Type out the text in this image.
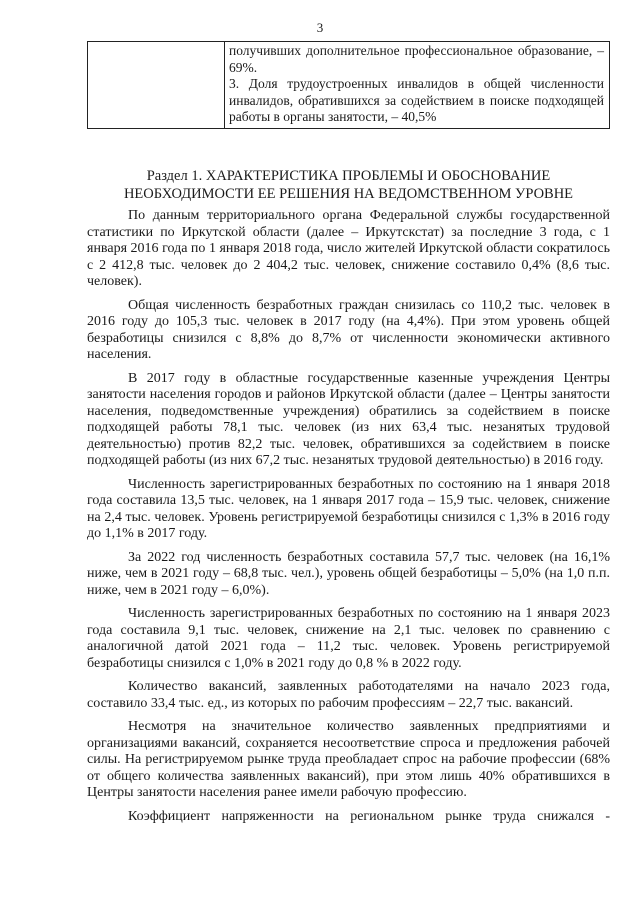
3

получивших дополнительное профессиональное образование, – 69%.

3. Доля трудоустроенных инвалидов в общей численности инвалидов, обратившихся за содействием в поиске подходящей работы в органы занятости, – 40,5%

Раздел 1. ХАРАКТЕРИСТИКА ПРОБЛЕМЫ И ОБОСНОВАНИЕ
НЕОБХОДИМОСТИ ЕЕ РЕШЕНИЯ НА ВЕДОМСТВЕННОМ УРОВНЕ

По данным территориального органа Федеральной службы государственной статистики по Иркутской области (далее – Иркутскстат) за последние 3 года, с 1 января 2016 года по 1 января 2018 года, число жителей Иркутской области сократилось с 2 412,8 тыс. человек до 2 404,2 тыс. человек, снижение составило 0,4% (8,6 тыс. человек).

Общая численность безработных граждан снизилась со 110,2 тыс. человек в 2016 году до 105,3 тыс. человек в 2017 году (на 4,4%). При этом уровень общей безработицы снизился с 8,8% до 8,7% от численности экономически активного населения.

В 2017 году в областные государственные казенные учреждения Центры занятости населения городов и районов Иркутской области (далее – Центры занятости населения, подведомственные учреждения) обратились за содействием в поиске подходящей работы 78,1 тыс. человек (из них 63,4 тыс. незанятых трудовой деятельностью) против 82,2 тыс. человек, обратившихся за содействием в поиске подходящей работы (из них 67,2 тыс. незанятых трудовой деятельностью) в 2016 году.

Численность зарегистрированных безработных по состоянию на 1 января 2018 года составила 13,5 тыс. человек, на 1 января 2017 года – 15,9 тыс. человек, снижение на 2,4 тыс. человек. Уровень регистрируемой безработицы снизился с 1,3% в 2016 году до 1,1% в 2017 году.

За 2022 год численность безработных составила 57,7 тыс. человек (на 16,1% ниже, чем в 2021 году – 68,8 тыс. чел.), уровень общей безработицы – 5,0% (на 1,0 п.п. ниже, чем в 2021 году – 6,0%).

Численность зарегистрированных безработных по состоянию на 1 января 2023 года составила 9,1 тыс. человек, снижение на 2,1 тыс. человек по сравнению с аналогичной датой 2021 года – 11,2 тыс. человек. Уровень регистрируемой безработицы снизился с 1,0% в 2021 году до 0,8 % в 2022 году.

Количество вакансий, заявленных работодателями на начало 2023 года, составило 33,4 тыс. ед., из которых по рабочим профессиям – 22,7 тыс. вакансий.

Несмотря на значительное количество заявленных предприятиями и организациями вакансий, сохраняется несоответствие спроса и предложения рабочей силы. На регистрируемом рынке труда преобладает спрос на рабочие профессии (68% от общего количества заявленных вакансий), при этом лишь 40% обратившихся в Центры занятости населения ранее имели рабочую профессию.

Коэффициент напряженности на региональном рынке труда снижался -
